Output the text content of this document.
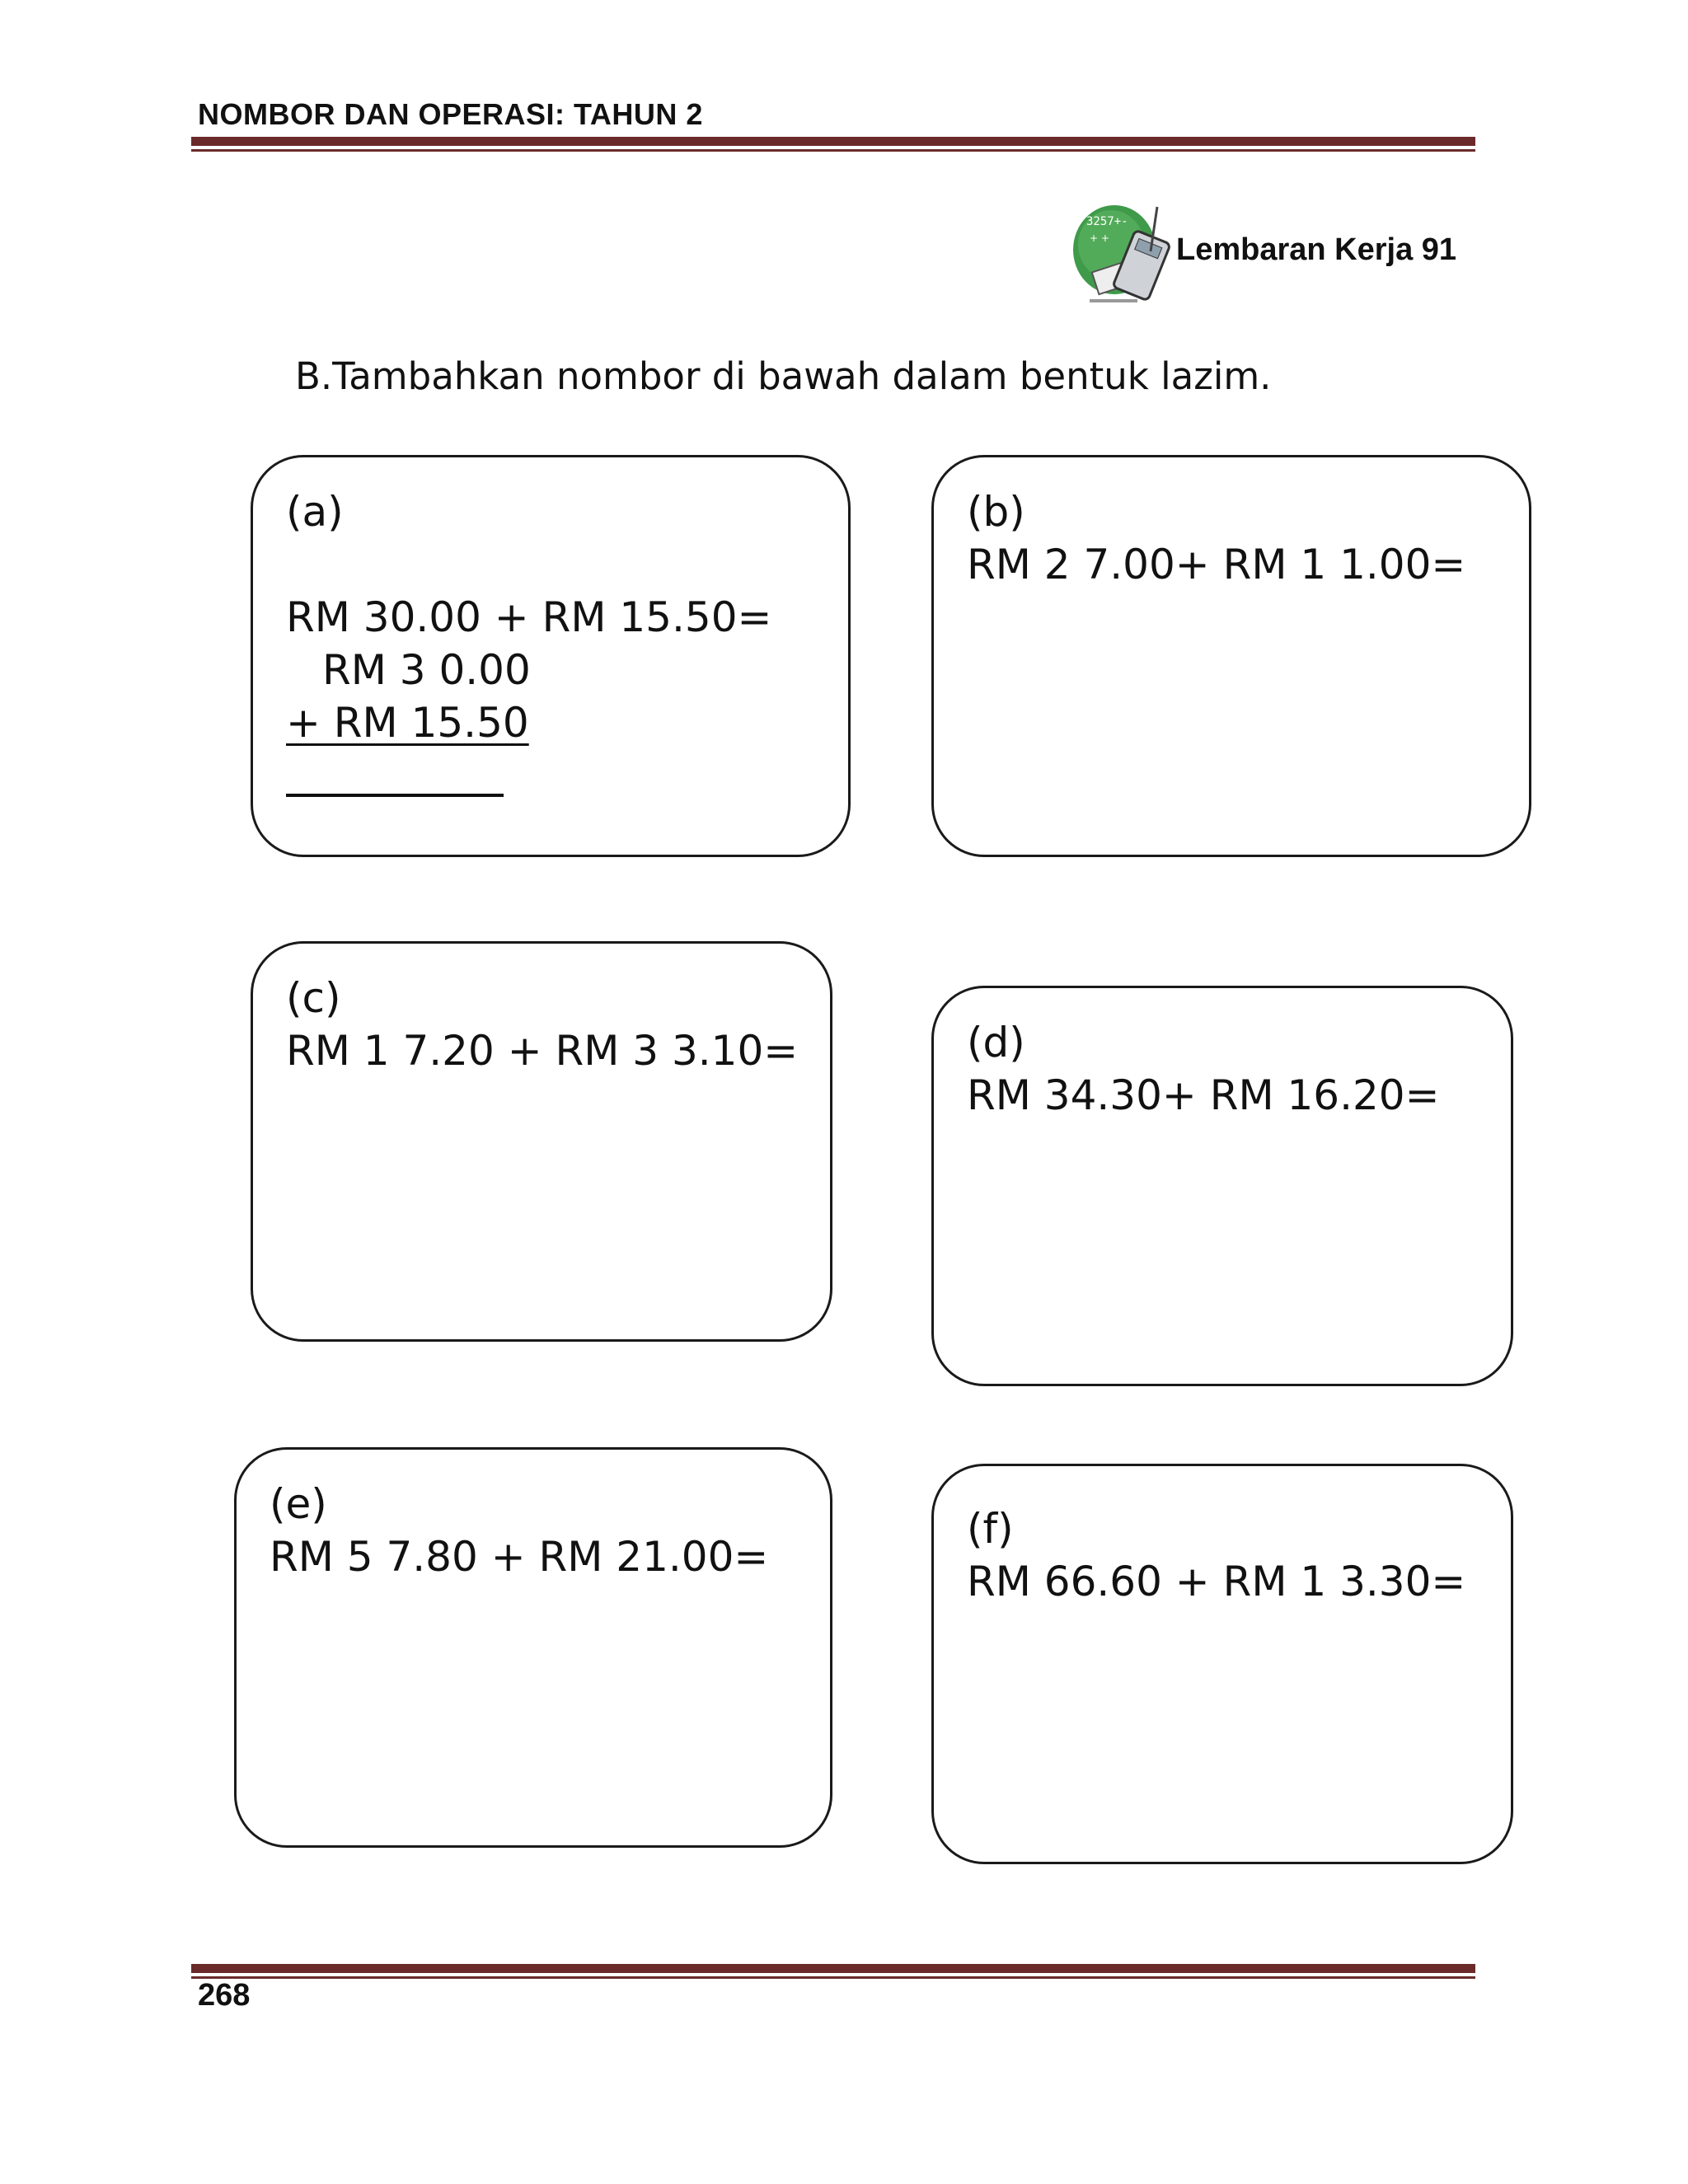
NOMBOR DAN OPERASI: TAHUN 2
3257+-
+ + Lembaran Kerja 91
B.Tambahkan nombor di bawah dalam bentuk lazim.
(a)
RM 30.00 + RM 15.50=
RM 3 0.00
+ RM 15.50
(b)
RM 2 7.00+ RM 1 1.00=
(c)
RM 1 7.20 + RM 3 3.10=	(d)
RM 34.30+ RM 16.20=
(e)
RM 5 7.80 + RM 21.00=
(f)
RM 66.60 + RM 1 3.30=
268
